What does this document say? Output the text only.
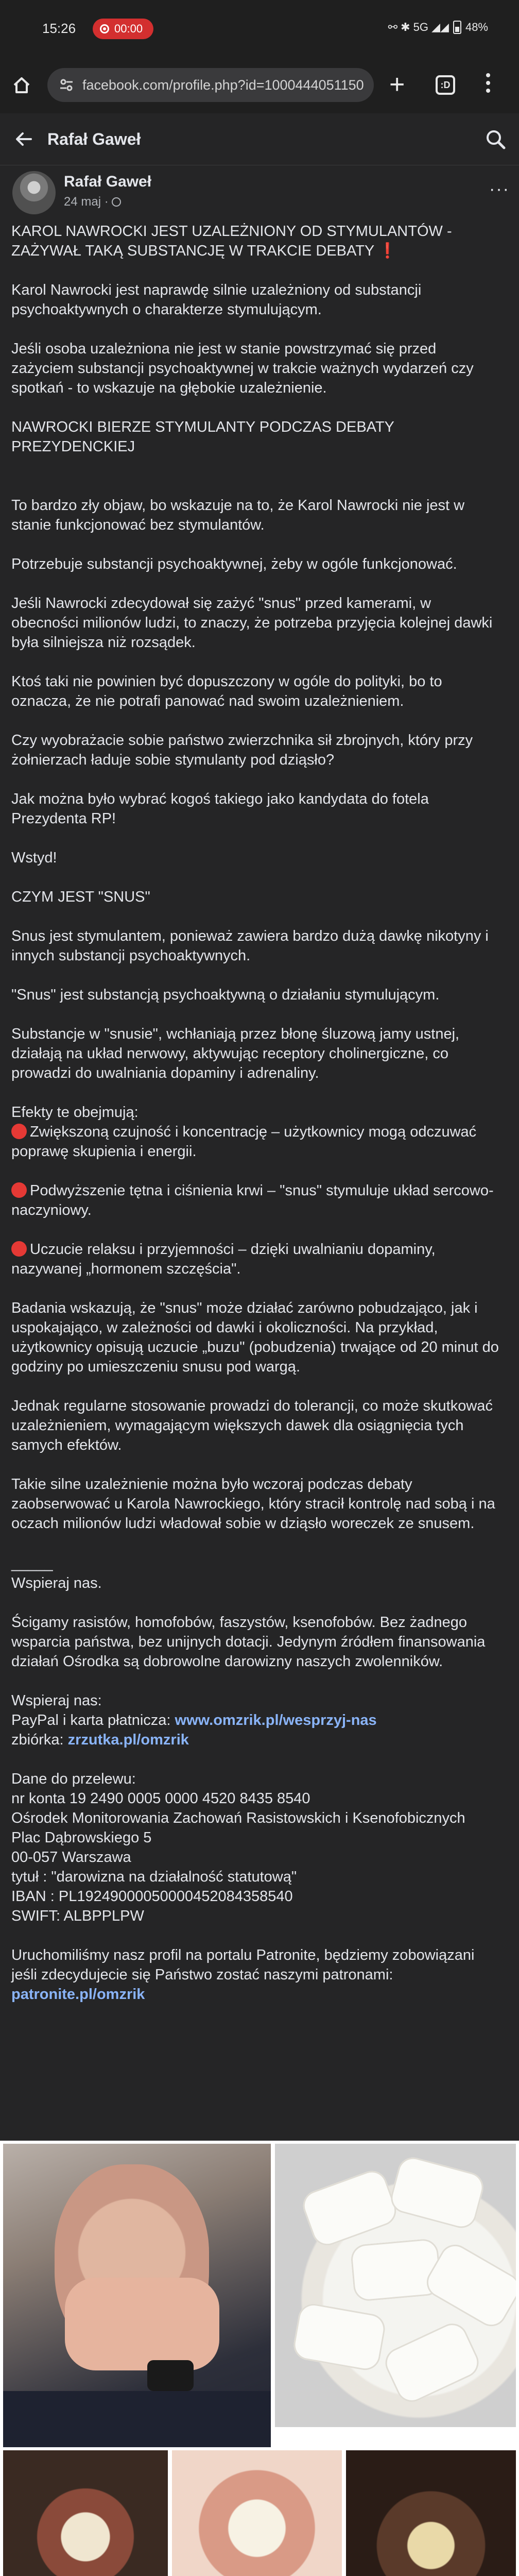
15:26	00:00	⚯ ✱ 5G ◢◢ 48%
facebook.com/profile.php?id=1000444051150 +	:D
Rafał Gaweł
Rafał Gaweł
24 maj ·
···

KAROL NAWROCKI JEST UZALEŻNIONY OD STYMULANTÓW - ZAŻYWAŁ TAKĄ SUBSTANCJĘ W TRAKCIE DEBATY ❗

Karol Nawrocki jest naprawdę silnie uzależniony od substancji psychoaktywnych o charakterze stymulującym.

Jeśli osoba uzależniona nie jest w stanie powstrzymać się przed zażyciem substancji psychoaktywnej w trakcie ważnych wydarzeń czy spotkań - to wskazuje na głębokie uzależnienie.

NAWROCKI BIERZE STYMULANTY PODCZAS DEBATY PREZYDENCKIEJ

To bardzo zły objaw, bo wskazuje na to, że Karol Nawrocki nie jest w stanie funkcjonować bez stymulantów.

Potrzebuje substancji psychoaktywnej, żeby w ogóle funkcjonować.

Jeśli Nawrocki zdecydował się zażyć "snus" przed kamerami, w obecności milionów ludzi, to znaczy, że potrzeba przyjęcia kolejnej dawki była silniejsza niż rozsądek.

Ktoś taki nie powinien być dopuszczony w ogóle do polityki, bo to oznacza, że nie potrafi panować nad swoim uzależnieniem.

Czy wyobrażacie sobie państwo zwierzchnika sił zbrojnych, który przy żołnierzach ładuje sobie stymulanty pod dziąsło?

Jak można było wybrać kogoś takiego jako kandydata do fotela Prezydenta RP!

Wstyd!

CZYM JEST "SNUS"

Snus jest stymulantem, ponieważ zawiera bardzo dużą dawkę nikotyny i innych substancji psychoaktywnych.

"Snus" jest substancją psychoaktywną o działaniu stymulującym.

Substancje w "snusie", wchłaniają przez błonę śluzową jamy ustnej, działają na układ nerwowy, aktywując receptory cholinergiczne, co prowadzi do uwalniania dopaminy i adrenaliny.

Efekty te obejmują:
Zwiększoną czujność i koncentrację – użytkownicy mogą odczuwać poprawę skupienia i energii.

Podwyższenie tętna i ciśnienia krwi – "snus" stymuluje układ sercowo-naczyniowy.

Uczucie relaksu i przyjemności – dzięki uwalnianiu dopaminy, nazywanej „hormonem szczęścia".

Badania wskazują, że "snus" może działać zarówno pobudzająco, jak i uspokajająco, w zależności od dawki i okoliczności. Na przykład, użytkownicy opisują uczucie „buzu" (pobudzenia) trwające od 20 minut do godziny po umieszczeniu snusu pod wargą.

Jednak regularne stosowanie prowadzi do tolerancji, co może skutkować uzależnieniem, wymagającym większych dawek dla osiągnięcia tych samych efektów.

Takie silne uzależnienie można było wczoraj podczas debaty zaobserwować u Karola Nawrockiego, który stracił kontrolę nad sobą i na oczach milionów ludzi władował sobie w dziąsło woreczek ze snusem.

_____

Wspieraj nas.

Ścigamy rasistów, homofobów, faszystów, ksenofobów. Bez żadnego wsparcia państwa, bez unijnych dotacji. Jedynym źródłem finansowania działań Ośrodka są dobrowolne darowizny naszych zwolenników.

Wspieraj nas:

PayPal i karta płatnicza: www.omzrik.pl/wesprzyj-nas

zbiórka: zrzutka.pl/omzrik

Dane do przelewu:

nr konta 19 2490 0005 0000 4520 8435 8540

Ośrodek Monitorowania Zachowań Rasistowskich i Ksenofobicznych

Plac Dąbrowskiego 5

00-057 Warszawa

tytuł : "darowizna na działalność statutową"

IBAN : PL19249000050000452084358540

SWIFT: ALBPPLPW

Uruchomiliśmy nasz profil na portalu Patronite, będziemy zobowiązani jeśli zdecydujecie się Państwo zostać naszymi patronami:

patronite.pl/omzrik
